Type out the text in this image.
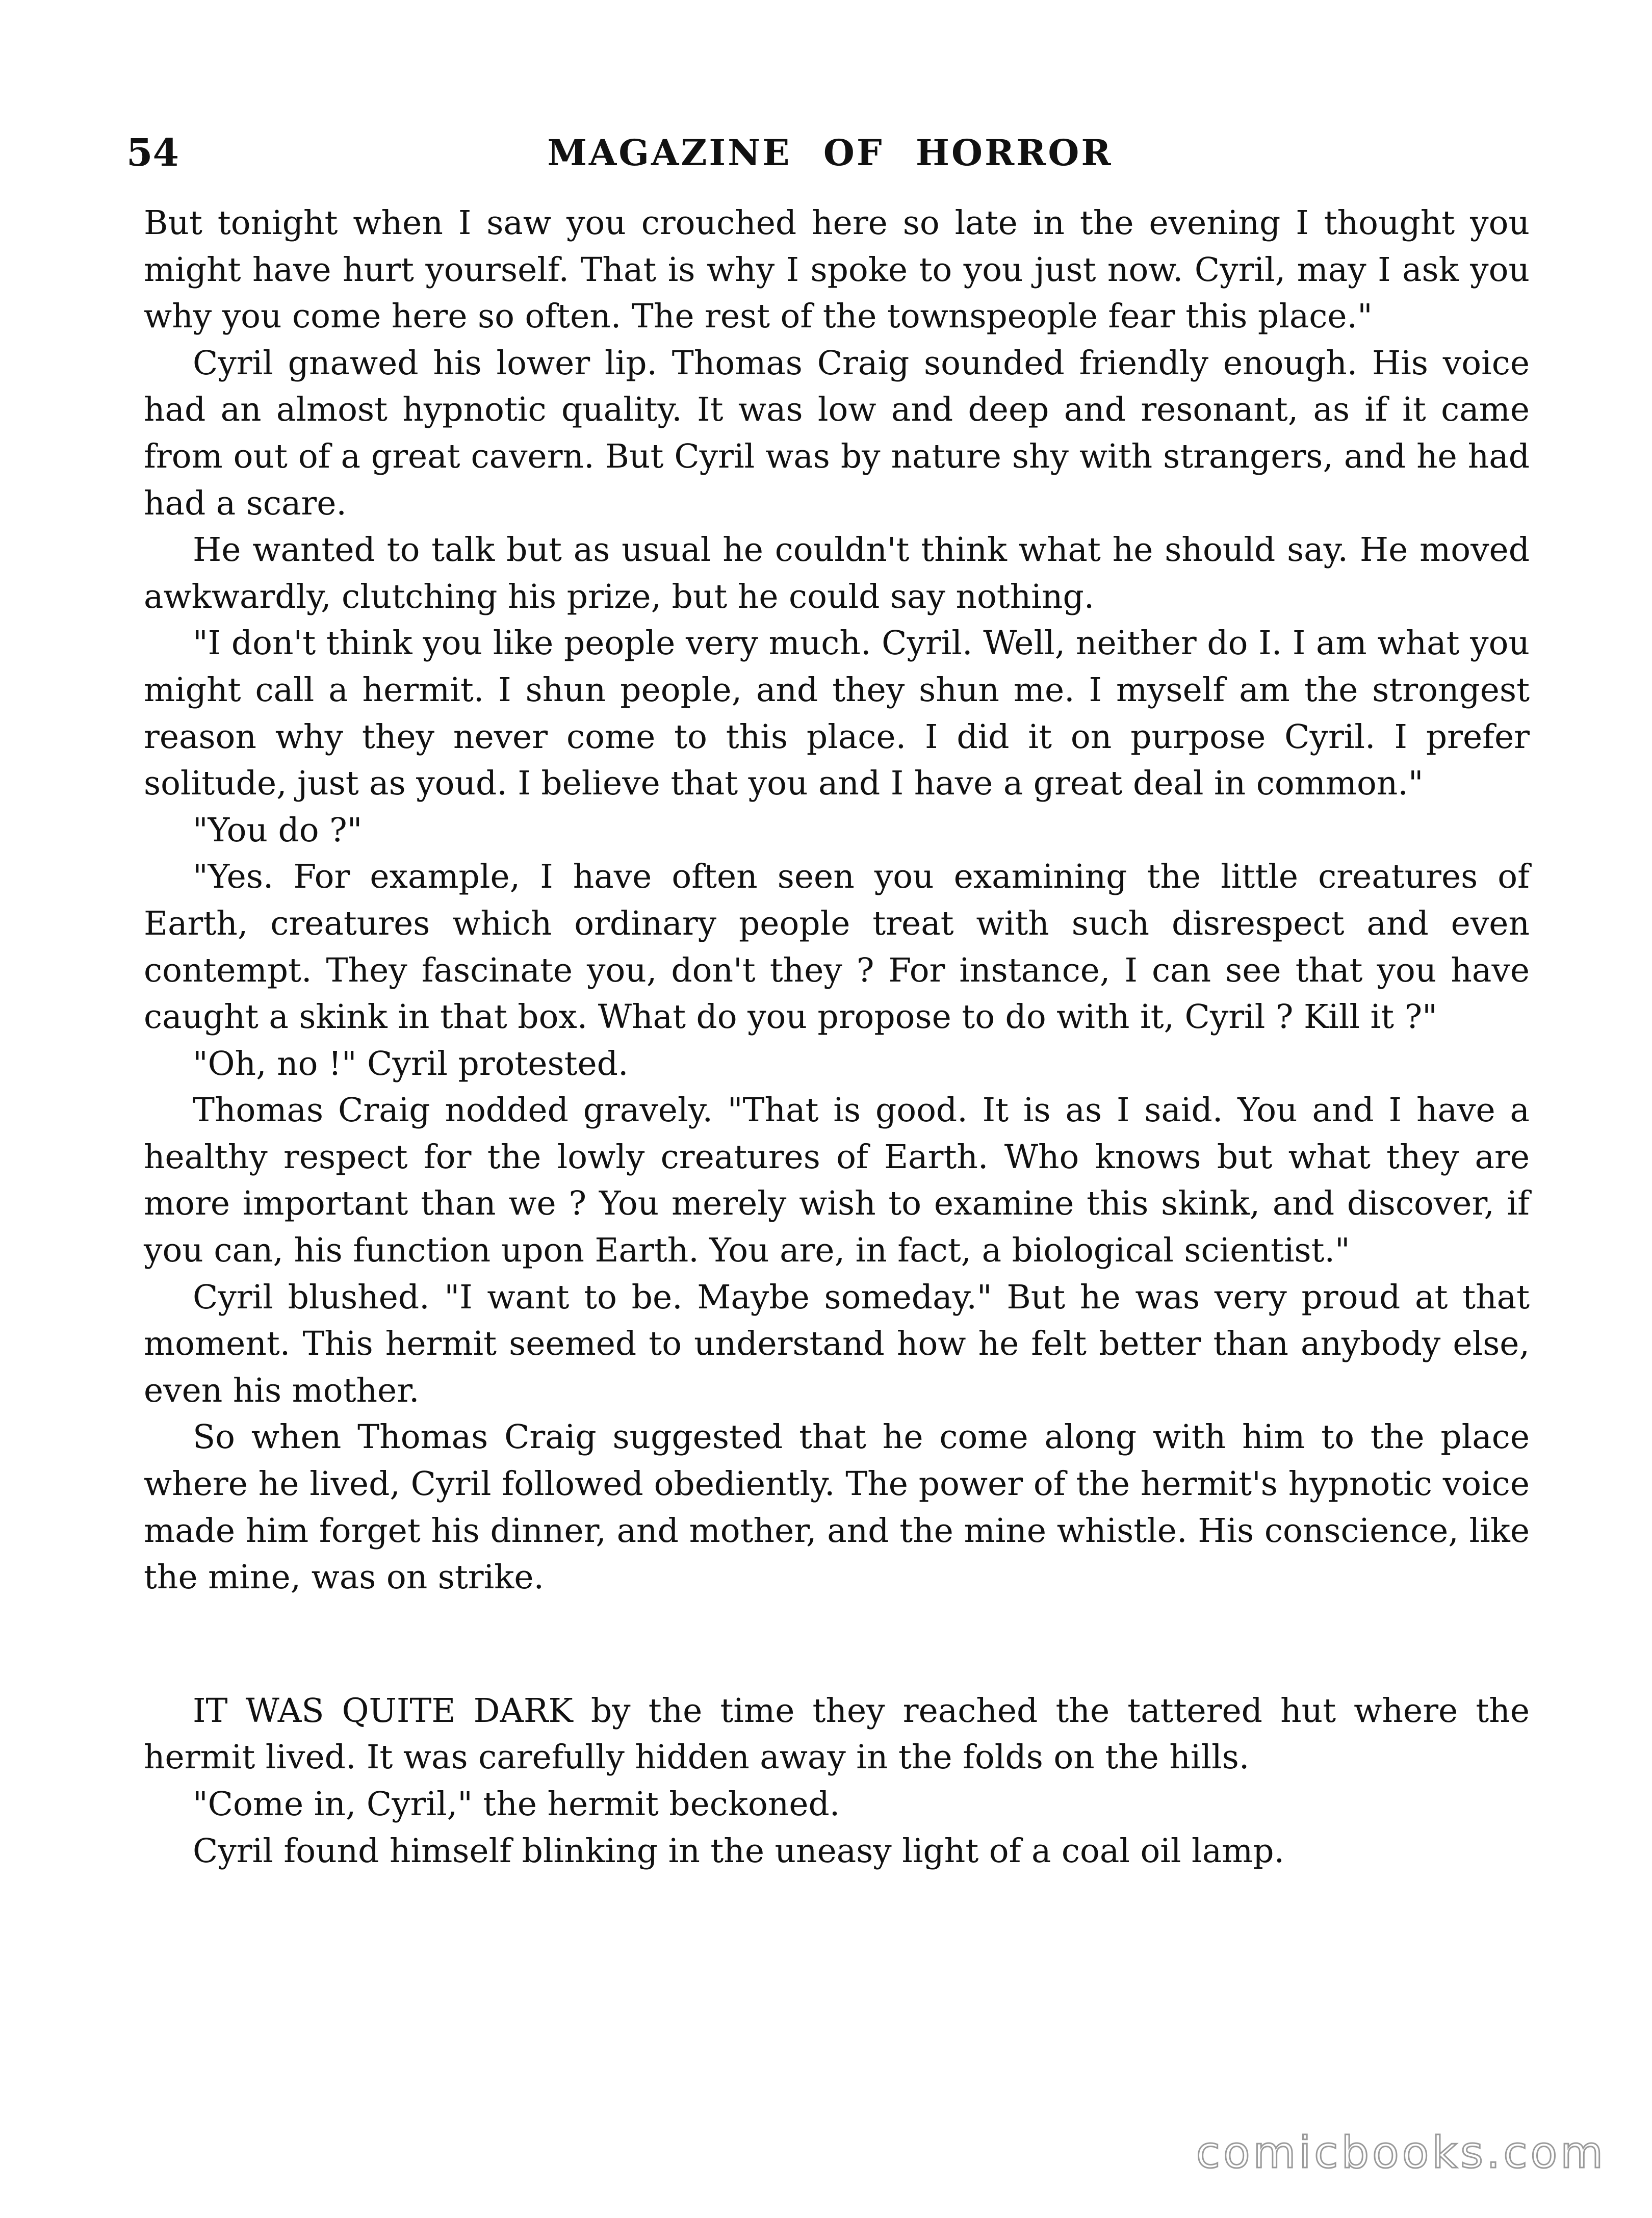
54	MAGAZINE OF HORROR

But tonight when I saw you crouched here so late in the evening I thought you might have hurt yourself. That is why I spoke to you just now. Cyril, may I ask you why you come here so often. The rest of the townspeople fear this place."

Cyril gnawed his lower lip. Thomas Craig sounded friendly enough. His voice had an almost hypnotic quality. It was low and deep and resonant, as if it came from out of a great cavern. But Cyril was by nature shy with strangers, and he had had a scare.

He wanted to talk but as usual he couldn't think what he should say. He moved awkwardly, clutching his prize, but he could say nothing.

"I don't think you like people very much. Cyril. Well, neither do I. I am what you might call a hermit. I shun people, and they shun me. I myself am the strongest reason why they never come to this place. I did it on purpose Cyril. I prefer solitude, just as youd. I believe that you and I have a great deal in common."

"You do ?"

"Yes. For example, I have often seen you examining the little creatures of Earth, creatures which ordinary people treat with such disrespect and even contempt. They fascinate you, don't they ? For instance, I can see that you have caught a skink in that box. What do you propose to do with it, Cyril ? Kill it ?"

"Oh, no !" Cyril protested.

Thomas Craig nodded gravely. "That is good. It is as I said. You and I have a healthy respect for the lowly creatures of Earth. Who knows but what they are more important than we ? You merely wish to examine this skink, and discover, if you can, his function upon Earth. You are, in fact, a biological scientist."

Cyril blushed. "I want to be. Maybe someday." But he was very proud at that moment. This hermit seemed to understand how he felt better than anybody else, even his mother.

So when Thomas Craig suggested that he come along with him to the place where he lived, Cyril followed obediently. The power of the hermit's hypnotic voice made him forget his dinner, and mother, and the mine whistle. His conscience, like the mine, was on strike.

IT WAS QUITE DARK by the time they reached the tattered hut where the hermit lived. It was carefully hidden away in the folds on the hills.

"Come in, Cyril," the hermit beckoned.

Cyril found himself blinking in the uneasy light of a coal oil lamp.

comicbooks.com
